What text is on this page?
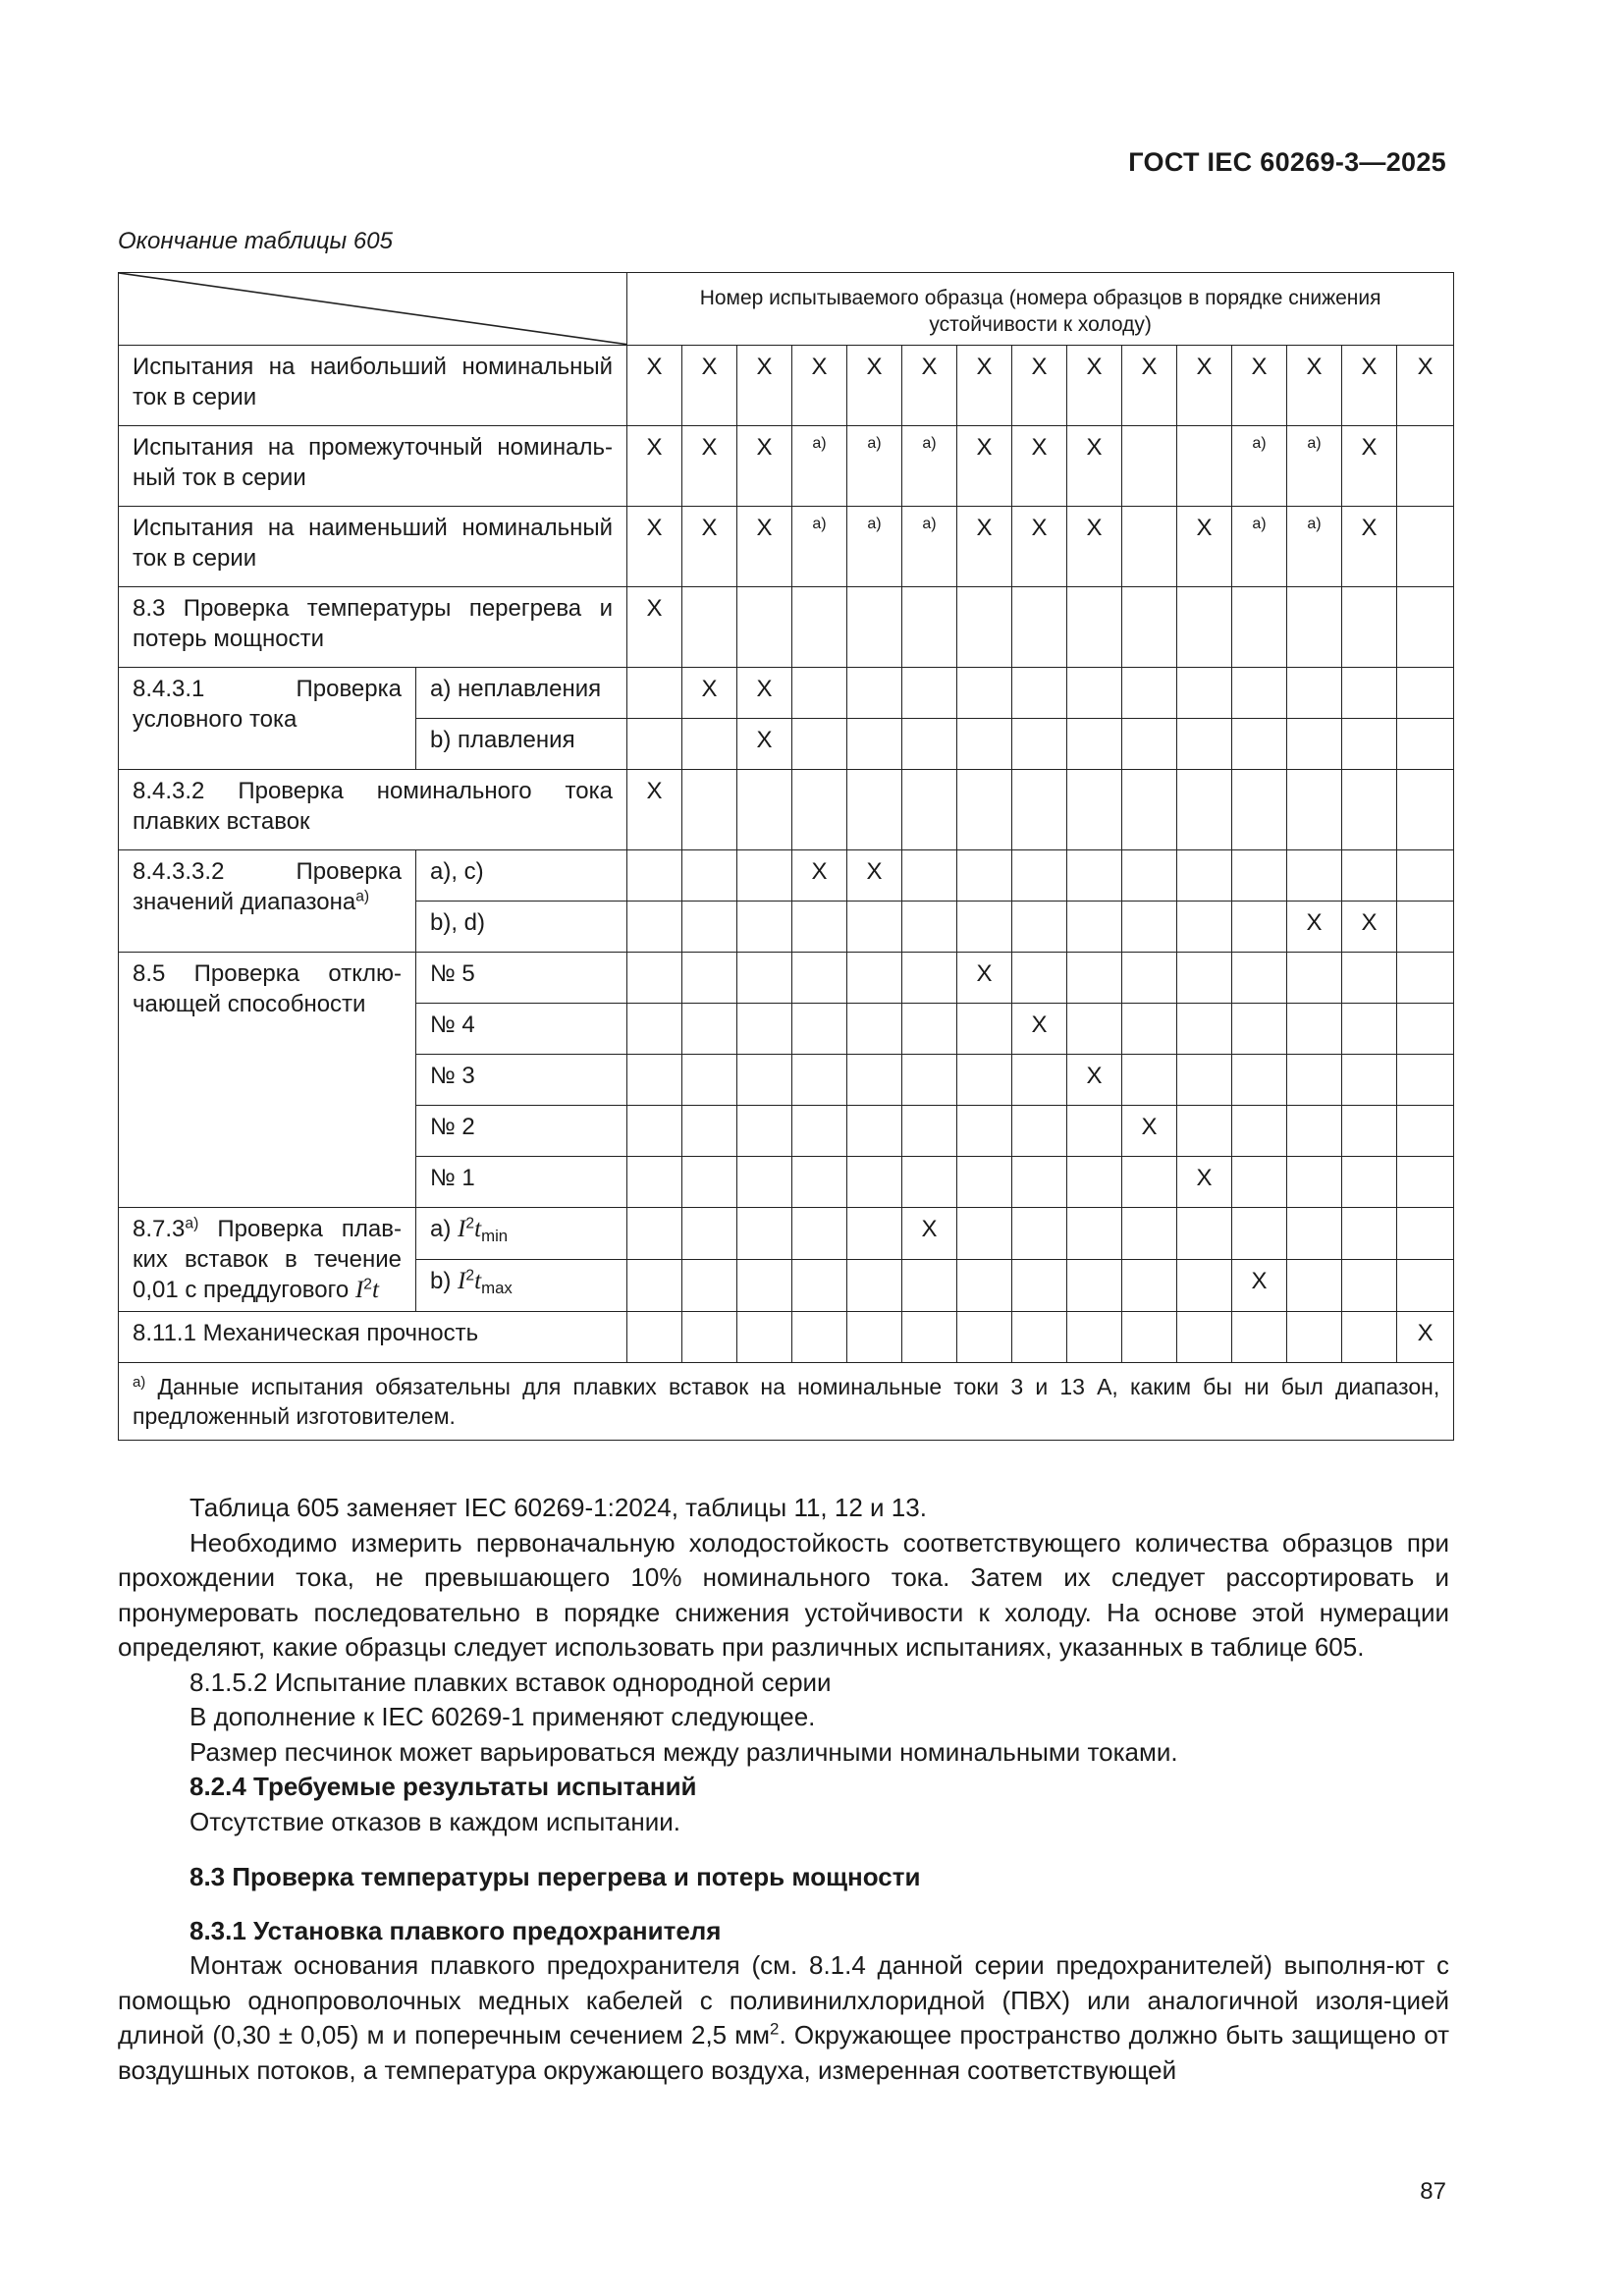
ГОСТ IEC 60269-3—2025
Окончание таблицы 605
	Номер испытываемого образца (номера образцов в порядке снижения устойчивости к холоду)														
Испытания на наибольший номинальный ток в серии		X	X	X	X	X	X	X	X	X	X	X	X	X	X	X
Испытания на промежуточный номиналь-ный ток в серии		X	X	X	a)	a)	a)	X	X	X			a)	a)	X	
Испытания на наименьший номинальный ток в серии		X	X	X	a)	a)	a)	X	X	X		X	a)	a)	X	
8.3 Проверка температуры перегрева и потерь мощности		X														
8.4.3.1 Проверка условного тока	a) неплавления		X	X												
	b) плавления			X												
8.4.3.2 Проверка номинального тока плавких вставок		X														
8.4.3.3.2 Проверка значений диапазона$^{a)}$	a), c)				X	X										
	b), d)													X	X	
8.5 Проверка отклю-чающей способности	№ 5							X								
	№ 4								X							
	№ 3									X						
	№ 2										X					
	№ 1											X				
8.7.3$^{a)}$ Проверка плав-ких вставок в течение 0,01 с преддугового $I^2t$	a) $I^2t_{min}$						X									
	b) $I^2t_{max}$												X			
8.11.1 Механическая прочность																X
$^{a)}$ Данные испытания обязательны для плавких вставок на номинальные токи 3 и 13 А, каким бы ни был диапазон, предложенный изготовителем.																

Таблица 605 заменяет IEC 60269-1:2024, таблицы 11, 12 и 13.

Необходимо измерить первоначальную холодостойкость соответствующего количества образцов при прохождении тока, не превышающего 10% номинального тока. Затем их следует рассортировать и пронумеровать последовательно в порядке снижения устойчивости к холоду. На основе этой нумерации определяют, какие образцы следует использовать при различных испытаниях, указанных в таблице 605.

8.1.5.2 Испытание плавких вставок однородной серии

В дополнение к IEC 60269-1 применяют следующее.

Размер песчинок может варьироваться между различными номинальными токами.

8.2.4 Требуемые результаты испытаний

Отсутствие отказов в каждом испытании.

8.3 Проверка температуры перегрева и потерь мощности

8.3.1 Установка плавкого предохранителя

Монтаж основания плавкого предохранителя (см. 8.1.4 данной серии предохранителей) выполня-ют с помощью однопроволочных медных кабелей с поливинилхлоридной (ПВХ) или аналогичной изоля-цией длиной (0,30 ± 0,05) м и поперечным сечением 2,5 $мм^2$. Окружающее пространство должно быть защищено от воздушных потоков, а температура окружающего воздуха, измеренная соответствующей

87
